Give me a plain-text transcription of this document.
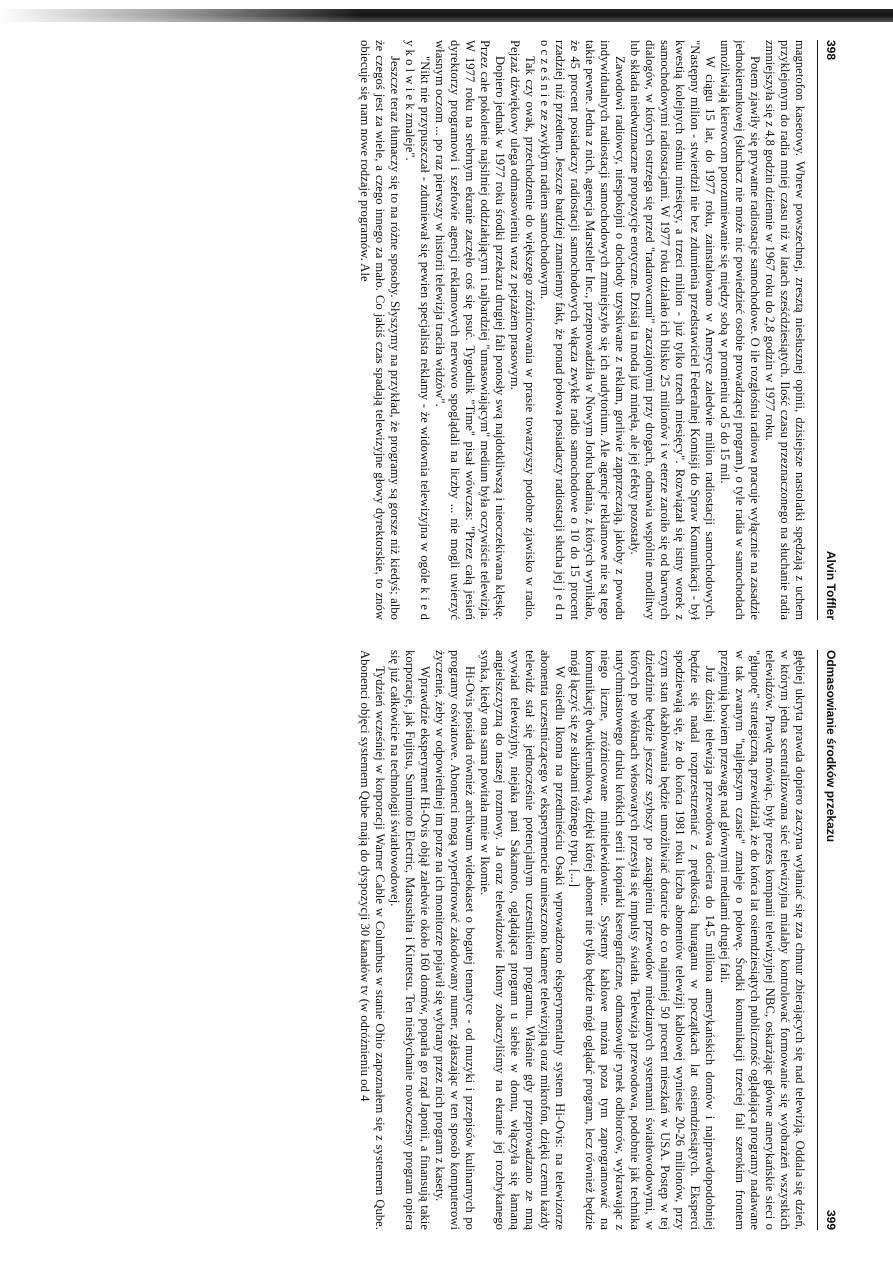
398
Alvin Toffler

magnetofon kasetowy. Wbrew powszechnej, zresztą niesłusznej opinii, dzisiejsze nastolatki spędzają z uchem przyklejonym do radia mniej czasu niż w latach sześćdziesiątych. Ilość czasu przeznaczonego na słuchanie radia zmniejszyła się z 4,8 godzin dziennie w 1967 roku do 2,8 godzin w 1977 roku.

Potem zjawiły się prywatne radiostacje samochodowe. O ile rozgłośnia radiowa pracuje wyłącznie na zasadzie jednokierunkowej (słuchacz nie może nic powiedzieć osobie prowadzącej program), o tyle radia w samochodach umożliwiają kierowcom porozumiewanie się między sobą w promieniu od 5 do 15 mil.

W ciągu 15 lat, do 1977 roku, zainstalowano w Ameryce zaledwie milion radiostacji samochodowych. "Następny milion - stwierdził nie bez zdumienia przedstawiciel Federalnej Komisji do Spraw Komunikacji - był kwestią kolejnych ośmiu miesięcy, a trzeci milion - już tylko trzech miesięcy". Rozwiązał się istny worek z samochodowymi radiostacjami. W 1977 roku działało ich blisko 25 milionów i w eterze zaroiło się od barwnych dialogów, w których ostrzega się przed "radarowcami" zaczajonymi przy drogach, odmawia wspólnie modlitwy lub składa niedwuznaczne propozycje erotyczne. Dzisiaj ta moda już minęła, ale jej efekty pozostały.

Zawodowi radiowcy, niespokojni o dochody uzyskiwane z reklam, gorliwie zapprzeczają, jakoby z powodu indywidualnych radiostacji samochodowych zmniejszyło się ich audytorium. Ale agencje reklamowe nie są tego takie pewne. Jedna z nich, agencja Marsteller Inc., przeprowadziła w Nowym Jorku badania, z których wynikało, że 45 procent posiadaczy radiostacji samochodowych włącza zwykłe radio samochodowe o 10 do 15 procent rzadziej niż przedtem. Jeszcze bardziej znamienny fakt, że ponad połowa posiadaczy radiostacji słucha jej j e d n o c z e ś n i e ze zwykłym radiem samochodowym.

Tak czy owak, przechodzenie do większego zróżnicowania w prasie towarzyszy podobne zjawisko w radio. Pejzaż dźwiękowy ulega odmasowieniu wraz z pejzażem prasowym.

Dopiero jednak w 1977 roku środki przekazu drugiej fali ponosły swą najdotkliwszą i nieoczekiwana klęskę. Przez całe pokolenie najsilniej oddziałującym i najbardziej "umasowiającym" medium była oczywiście telewizja. W 1977 roku na srebrnym ekranie zaczęło coś się psuć. Tygodnik "Time" pisał wówczas: "Przez całą jesień dyrektorzy programowi i szefowie agencji reklamowych nerwowo spoglądali na liczby ... nie mogli uwierzyć własnym oczom ... po raz pierwszy w historii telewizja traciła widzów".

"Nikt nie przypuszczał - zdumiewał się pewien specjalista reklamy - że widownia telewizyjna w ogóle k i e d y k o l w i e k zmaleje".

Jeszcze teraz tłumaczy się to na różne sposoby. Słyszymy na przykład, że programy są gorsze niż kiedyś; albo że czegoś jest za wiele, a czego innego za mało. Co jakiś czas spadają telewizyjne głowy dyrektorskie, to znów obiecuje się nam nowe rodzaje programów. Ale

Odmasowianie środków przekazu
399

głębiej ukryta prawda dopiero zaczyna wyłaniać się zza chmur zbierających się nad telewizją. Oddala się dzień, w którym jedna scentralizowana sieć telewizyjna mialaby kontrolować formowanie się wyobrażeń wszystkich telewidzów. Prawdę mówiąc, były prezes kompanii telewizyjnej NBC, oskarżając główne amerykańskie sieci o "głupotę" strategiczną, przewidział, że do końca lat osiemdziesiątych publiczność oglądająca programy nadawane w tak zwanym "najlepszym czasie" zmaleje o połowę. Środki komunikacji trzeciej fali szerokim frontem przejmują bowiem przewagę nad głównymi mediami drugiej fali.

Już dzisiaj telewizja przewodowa dociera do 14,5 miliona amerykańskich domów i najprawdopodobniej będzie się nadal rozprzestrzeniać z prędkością huraganu w początkach lat osiemdziesiątych. Eksperci spodziewają się, że do końca 1981 roku liczba abonentów telewizji kablowej wyniesie 20-26 milionów, przy czym stan okablowania będzie umożliwiać dotarcie do co najmniej 50 procent mieszkań w USA. Postęp w tej dziedzinie będzie jeszcze szybszy po zastąpieniu przewodów miedzianych systemami światłowodowymi, w których po włóknach włosowatych przesyła się impulsy światła. Telewizja przewodowa, podobnie jak technika natychmiastowego druku krótkich serii i kopiarki kserograficzne, odmasowuje rynek odbiorców, wykrawając z niego liczne, zróżnicowane minitelewidownie. Systemy kablowe można poza tym zaprogramować na komunikację dwukierunkową, dzięki której abonent nie tylko będzie mógł oglądać program, lecz również będzie mógł łączyć się ze służbami różnego typu. [...]

W osiedlu Ikoma na przedmieściu Osaki wprowadzono eksperymentalny system Hi-Ovis: na telewizorze abonenta uczestniczącego w eksperymencie umieszczono kamerę telewizyjną oraz mikrofon, dzięki czemu każdy telewidz stał się jednocześnie potencjalnym uczestnikiem programu. Właśnie gdy przeprowadzano ze mną wywiad telewizyjny, niejaka pani Sakamoto, oglądająca program u siebie w domu, włączyła się łamaną angielszczyzną do naszej rozmowy. Ja oraz telewidzowie Ikomy zobaczyliśmy na ekranie jej rozbrykanego synka, kiedy ona sama powitała mnie w Ikomie.

Hi-Ovis posiada również archiwum wideokaset o bogatej tematyce - od muzyki i przepisów kulinarnych po programy oświatowe. Abonenci mogą wyperforować zakodowany numer, zgłaszając w ten sposób komputerowi życzenie, żeby w odpowiedniej im porze na ich monitorze pojawił się wybrany przez nich program z kasety.

Wprawdzie eksperyment Hi-Ovis objął zaledwie około 160 domów, poparła go rząd Japonii, a finansują takie korporacje, jak Fujitsu, Sumimoto Electric, Matsushita i Kintetsu. Ten niesłychanie nowoczesny program opiera się już całkowicie na technologii światłowodowej.

Tydzień wcześniej w korporacji Warner Cable w Columbus w stanie Ohio zapoznałem się z systemem Qube. Abonenci objęci systemem Qube mają do dyspozycji 30 kanałów tv (w odróżnieniu od 4
